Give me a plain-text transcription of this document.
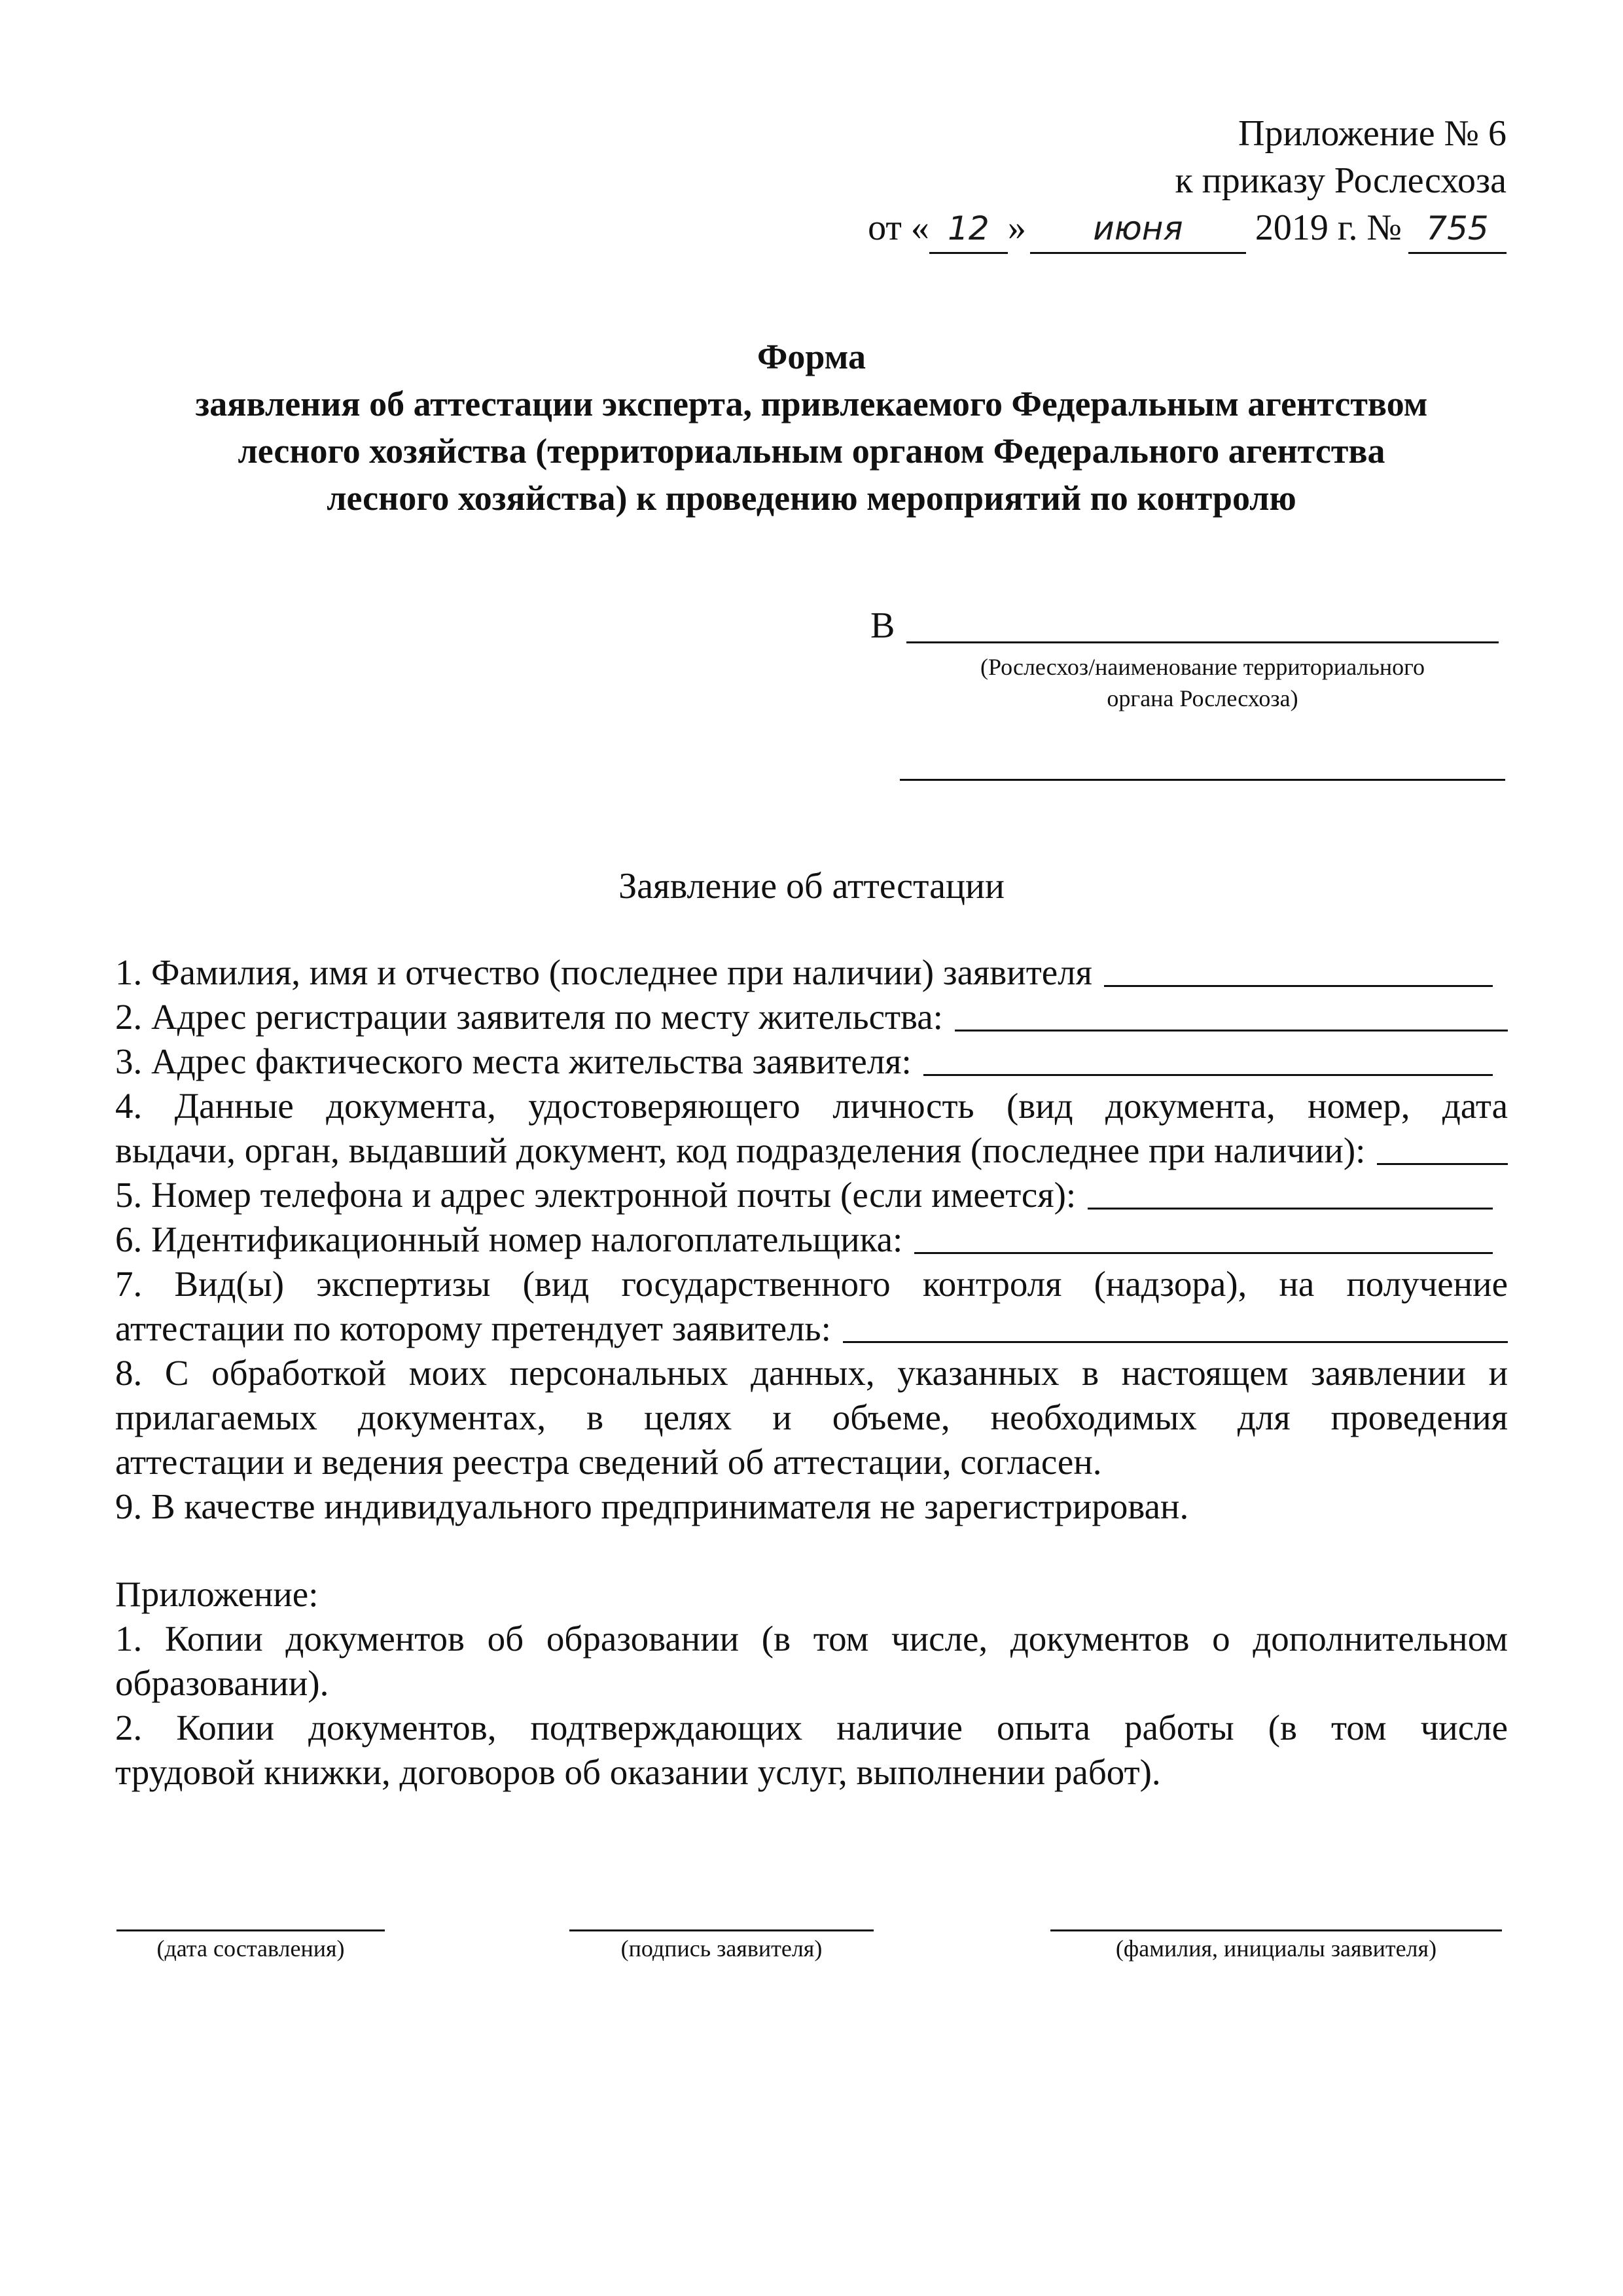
Приложение № 6
к приказу Рослесхоза
от « 12 » июня 2019 г. № 755
Форма
заявления об аттестации эксперта, привлекаемого Федеральным агентством
лесного хозяйства (территориальным органом Федерального агентства
лесного хозяйства) к проведению мероприятий по контролю
В
(Рослесхоз/наименование территориального
органа Рослесхоза)
Заявление об аттестации
1. Фамилия, имя и отчество (последнее при наличии) заявителя
2. Адрес регистрации заявителя по месту жительства:
3. Адрес фактического места жительства заявителя:
4. Данные документа, удостоверяющего личность (вид документа, номер, дата
выдачи, орган, выдавший документ, код подразделения (последнее при наличии):
5. Номер телефона и адрес электронной почты (если имеется):
6. Идентификационный номер налогоплательщика:
7. Вид(ы) экспертизы (вид государственного контроля (надзора), на получение
аттестации по которому претендует заявитель:
8. С обработкой моих персональных данных, указанных в настоящем заявлении и
прилагаемых документах, в целях и объеме, необходимых для проведения
аттестации и ведения реестра сведений об аттестации, согласен.
9. В качестве индивидуального предпринимателя не зарегистрирован.
Приложение:
1. Копии документов об образовании (в том числе, документов о дополнительном
образовании).
2. Копии документов, подтверждающих наличие опыта работы (в том числе
трудовой книжки, договоров об оказании услуг, выполнении работ).
(дата составления)	(подпись заявителя)	(фамилия, инициалы заявителя)
